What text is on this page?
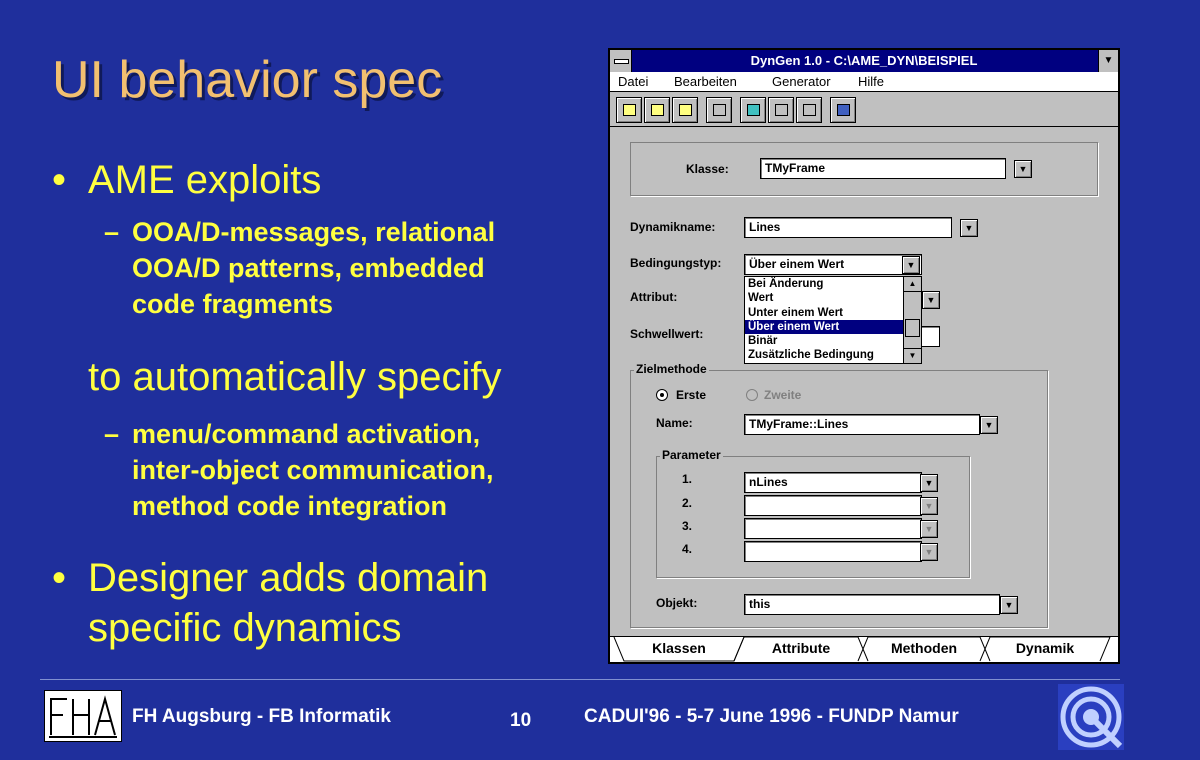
UI behavior spec
• AME exploits
– OOA/D-messages, relational
OOA/D patterns, embedded
code fragments
to automatically specify
– menu/command activation,
inter-object communication,
method code integration
• Designer adds domain
specific dynamics
DynGen 1.0 - C:\AME_DYN\BEISPIEL	▼
Datei Bearbeiten	Generator Hilfe
Klasse:	TMyFrame	▼
Dynamikname:	Lines	▼
Bedingungstyp:	Über einem Wert	▼
Attribut:	▼
Schwellwert:
Bei Änderung
Wert
Unter einem Wert
Über einem Wert
Binär
Zusätzliche Bedingung
▲
▼
Zielmethode
Erste	Zweite
Name:	TMyFrame::Lines	▼
Parameter
1.	nLines	▼
2.	▼
3.	▼
4.	▼
Objekt:	this	▼
Klassen	Attribute	Methoden	Dynamik
FH Augsburg - FB Informatik	10	CADUI'96 - 5-7 June 1996 - FUNDP Namur
